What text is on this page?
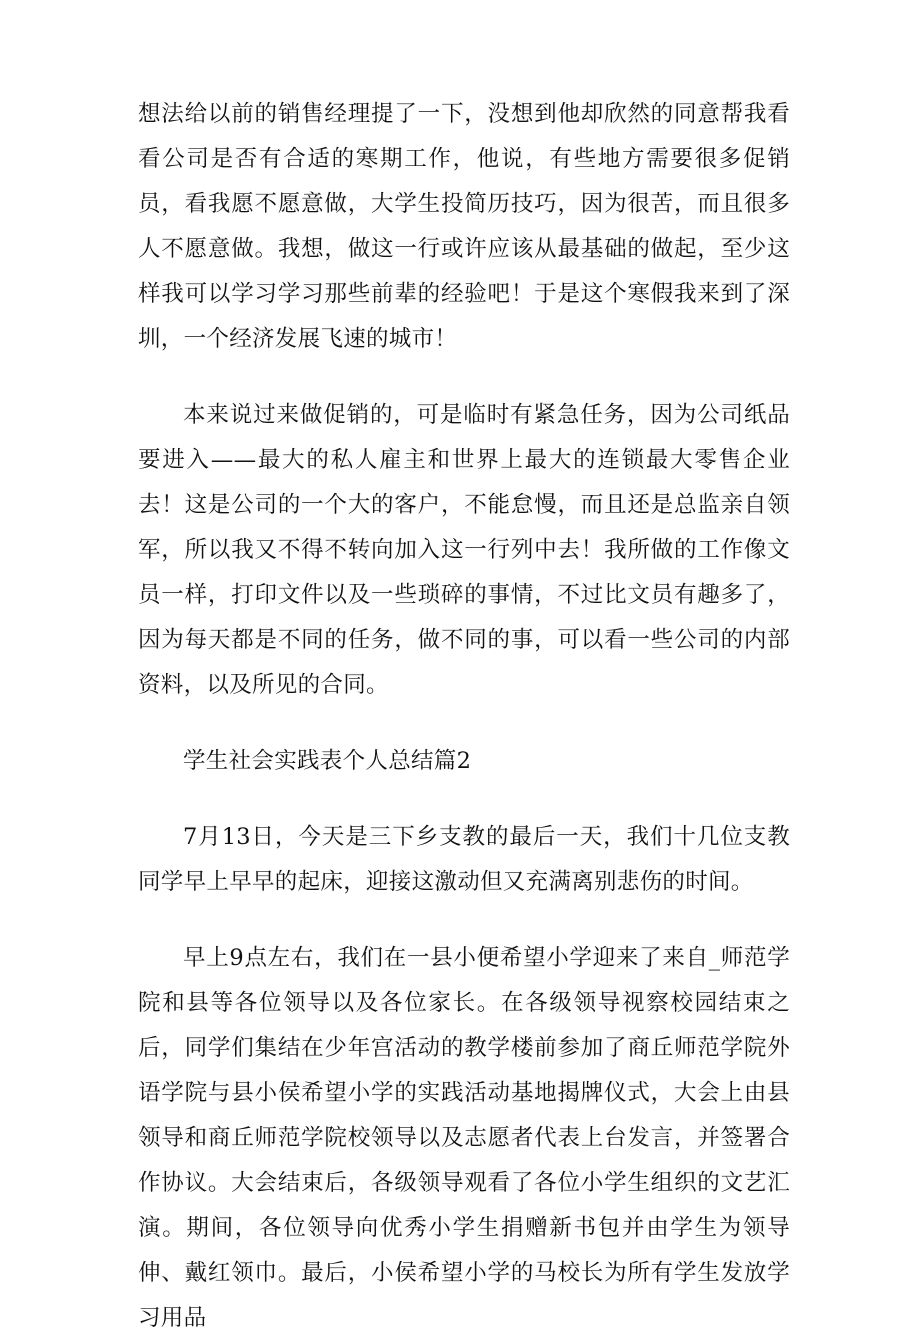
想法给以前的销售经理提了一下，没想到他却欣然的同意帮我看看公司是否有合适的寒期工作，他说，有些地方需要很多促销员，看我愿不愿意做，大学生投简历技巧，因为很苦，而且很多人不愿意做。我想，做这一行或许应该从最基础的做起，至少这样我可以学习学习那些前辈的经验吧！于是这个寒假我来到了深圳，一个经济发展飞速的城市！

本来说过来做促销的，可是临时有紧急任务，因为公司纸品要进入——最大的私人雇主和世界上最大的连锁最大零售企业去！这是公司的一个大的客户，不能怠慢，而且还是总监亲自领军，所以我又不得不转向加入这一行列中去！我所做的工作像文员一样，打印文件以及一些琐碎的事情，不过比文员有趣多了，因为每天都是不同的任务，做不同的事，可以看一些公司的内部资料，以及所见的合同。

学生社会实践表个人总结篇2

7月13日，今天是三下乡支教的最后一天，我们十几位支教同学早上早早的起床，迎接这激动但又充满离别悲伤的时间。

早上9点左右，我们在一县小便希望小学迎来了来自_师范学院和县等各位领导以及各位家长。在各级领导视察校园结束之后，同学们集结在少年宫活动的教学楼前参加了商丘师范学院外语学院与县小侯希望小学的实践活动基地揭牌仪式，大会上由县领导和商丘师范学院校领导以及志愿者代表上台发言，并签署合作协议。大会结束后，各级领导观看了各位小学生组织的文艺汇演。期间，各位领导向优秀小学生捐赠新书包并由学生为领导伸、戴红领巾。最后，小侯希望小学的马校长为所有学生发放学习用品
